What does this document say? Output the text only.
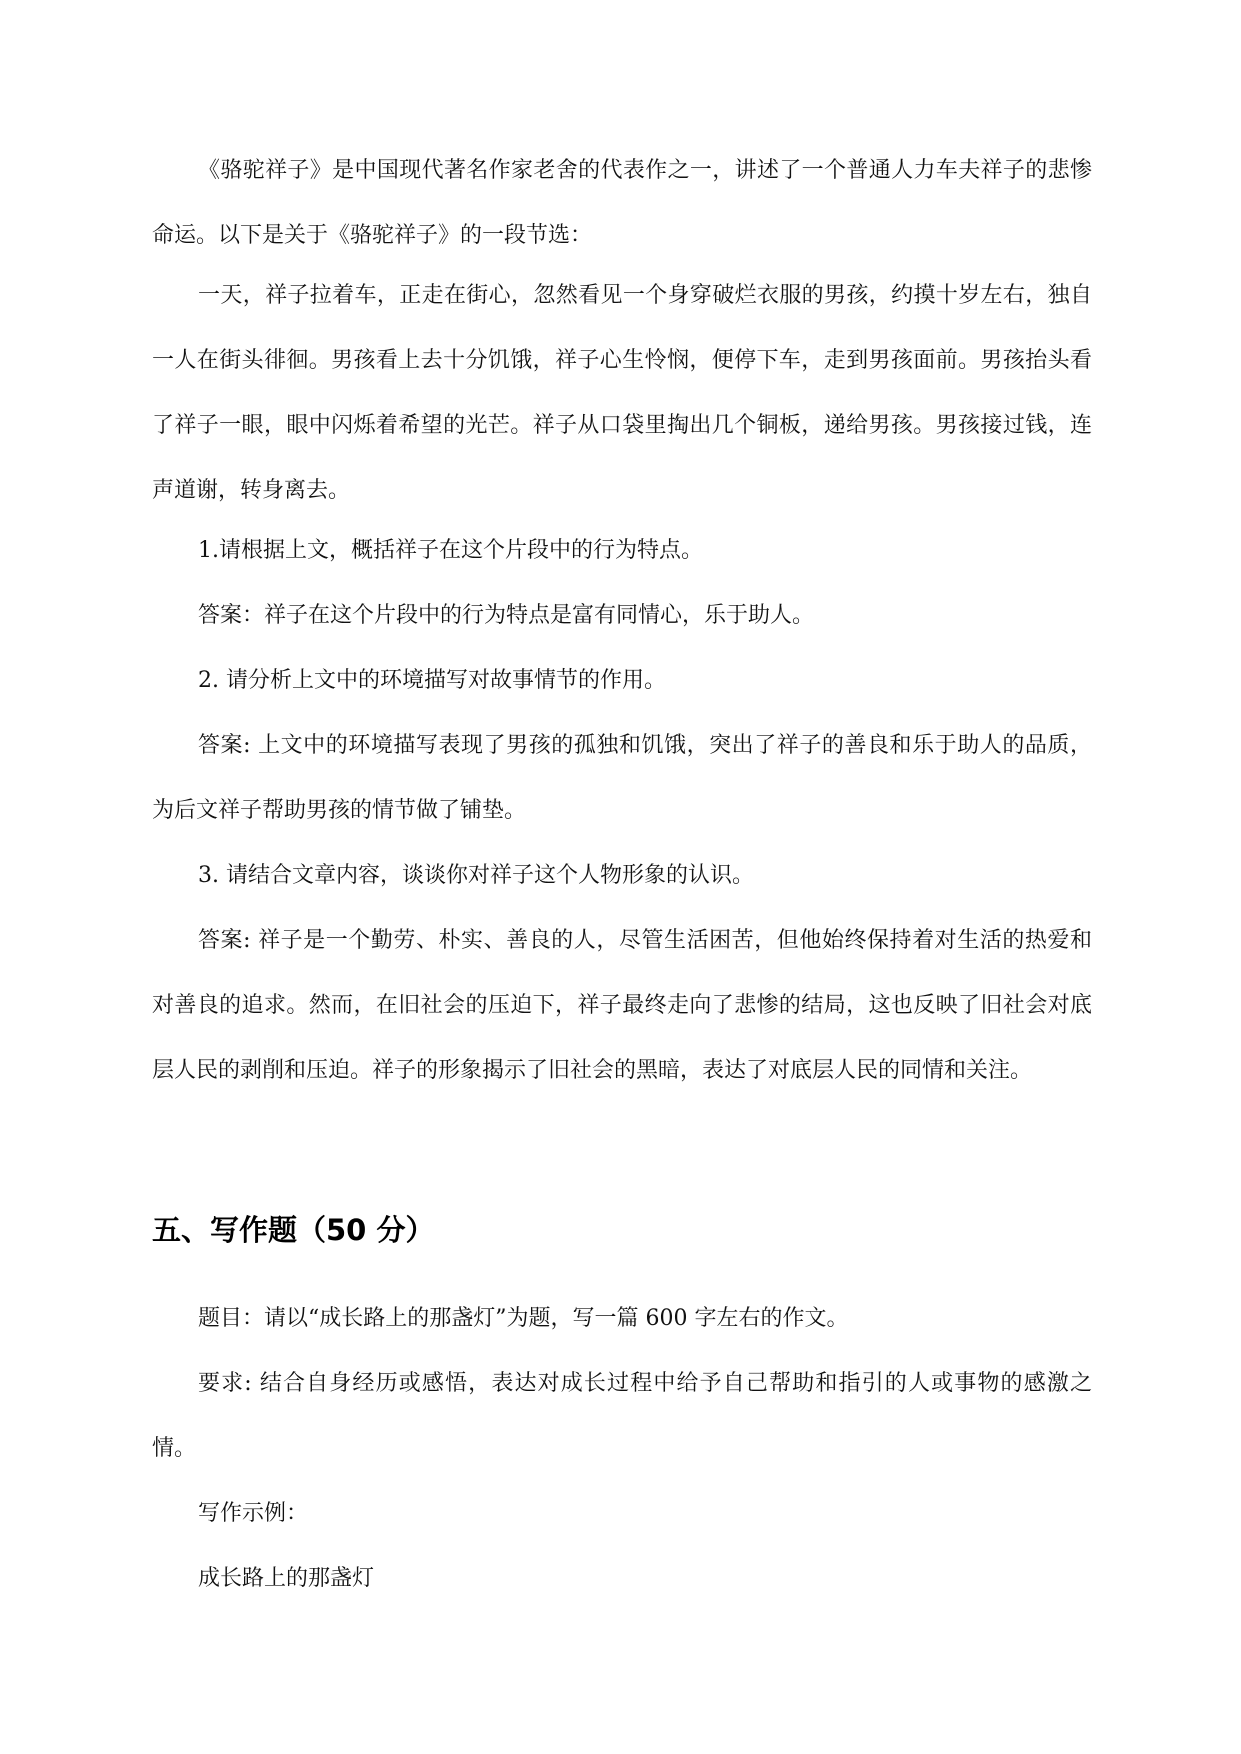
《骆驼祥子》是中国现代著名作家老舍的代表作之一，讲述了一个普通人力车夫祥子的悲惨命运。以下是关于《骆驼祥子》的一段节选：

一天，祥子拉着车，正走在街心，忽然看见一个身穿破烂衣服的男孩，约摸十岁左右，独自一人在街头徘徊。男孩看上去十分饥饿，祥子心生怜悯，便停下车，走到男孩面前。男孩抬头看了祥子一眼，眼中闪烁着希望的光芒。祥子从口袋里掏出几个铜板，递给男孩。男孩接过钱，连声道谢，转身离去。

1.请根据上文，概括祥子在这个片段中的行为特点。

答案：祥子在这个片段中的行为特点是富有同情心，乐于助人。

2. 请分析上文中的环境描写对故事情节的作用。

答案: 上文中的环境描写表现了男孩的孤独和饥饿，突出了祥子的善良和乐于助人的品质，为后文祥子帮助男孩的情节做了铺垫。

3. 请结合文章内容，谈谈你对祥子这个人物形象的认识。

答案: 祥子是一个勤劳、朴实、善良的人，尽管生活困苦，但他始终保持着对生活的热爱和对善良的追求。然而，在旧社会的压迫下，祥子最终走向了悲惨的结局，这也反映了旧社会对底层人民的剥削和压迫。祥子的形象揭示了旧社会的黑暗，表达了对底层人民的同情和关注。

五、写作题（50 分）

题目：请以“成长路上的那盏灯”为题，写一篇 600 字左右的作文。

要求: 结合自身经历或感悟，表达对成长过程中给予自己帮助和指引的人或事物的感激之情。

写作示例：

成长路上的那盏灯
